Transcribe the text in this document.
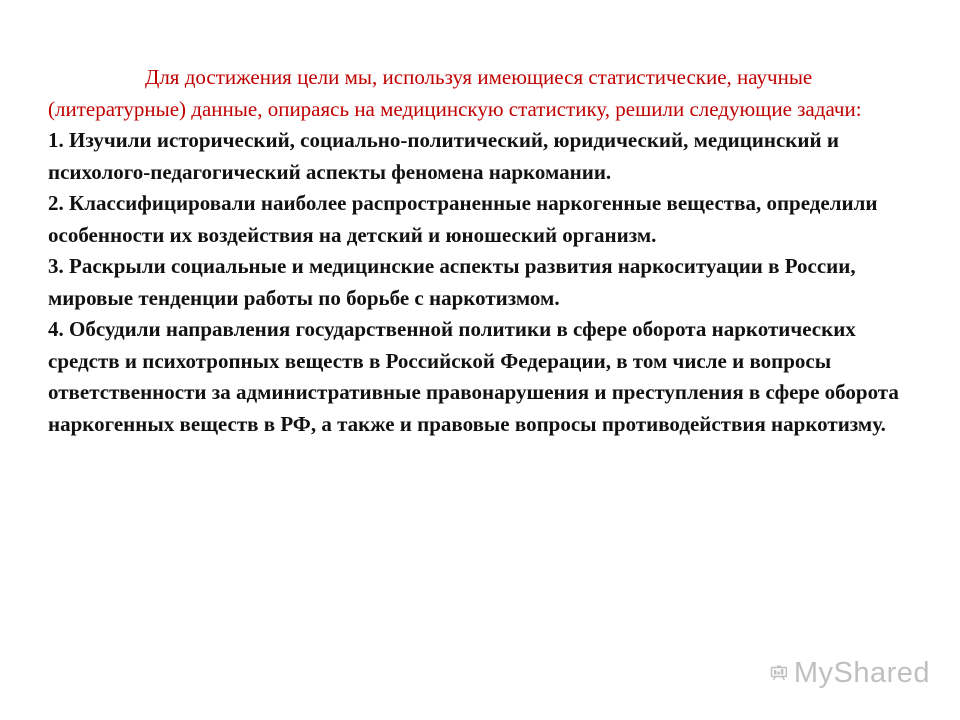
Для достижения цели мы, используя имеющиеся статистические, научные (литературные) данные, опираясь на медицинскую статистику, решили следующие задачи:

1. Изучили исторический, социально-политический, юридический, медицинский и психолого-педагогический аспекты феномена наркомании.

2. Классифицировали наиболее распространенные наркогенные вещества, определили особенности их воздействия на детский и юношеский организм.

3. Раскрыли социальные и медицинские аспекты развития наркоситуации в России, мировые тенденции работы по борьбе с наркотизмом.

4. Обсудили направления государственной политики в сфере оборота наркотических средств и психотропных веществ в Российской Федерации, в том числе и вопросы ответственности за административные правонарушения и преступления в сфере оборота наркогенных веществ в РФ, а также и правовые вопросы противодействия наркотизму.

MyShared
